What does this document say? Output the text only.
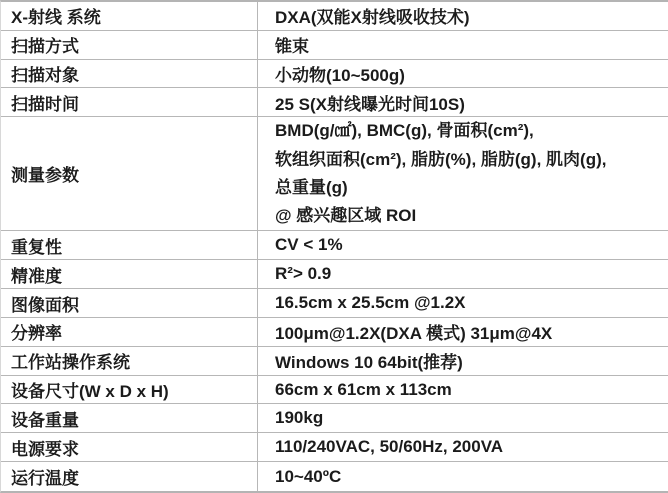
X-射线 系统	DXA(双能X射线吸收技术)
扫描方式	锥束
扫描对象	小动物(10~500g)
扫描时间	25 S(X射线曝光时间10S)
测量参数
BMD(g/㎠), BMC(g), 骨面积(cm²),
软组织面积(cm²), 脂肪(%), 脂肪(g), 肌肉(g),
总重量(g)
@ 感兴趣区域 ROI
重复性	CV < 1%
精准度	R²> 0.9
图像面积	16.5cm x 25.5cm @1.2X
分辨率	100μm@1.2X(DXA 模式) 31μm@4X
工作站操作系统	Windows 10 64bit(推荐)
设备尺寸(W x D x H)	66cm x 61cm x 113cm
设备重量	190kg
电源要求	110/240VAC, 50/60Hz, 200VA
运行温度	10~40ºC
